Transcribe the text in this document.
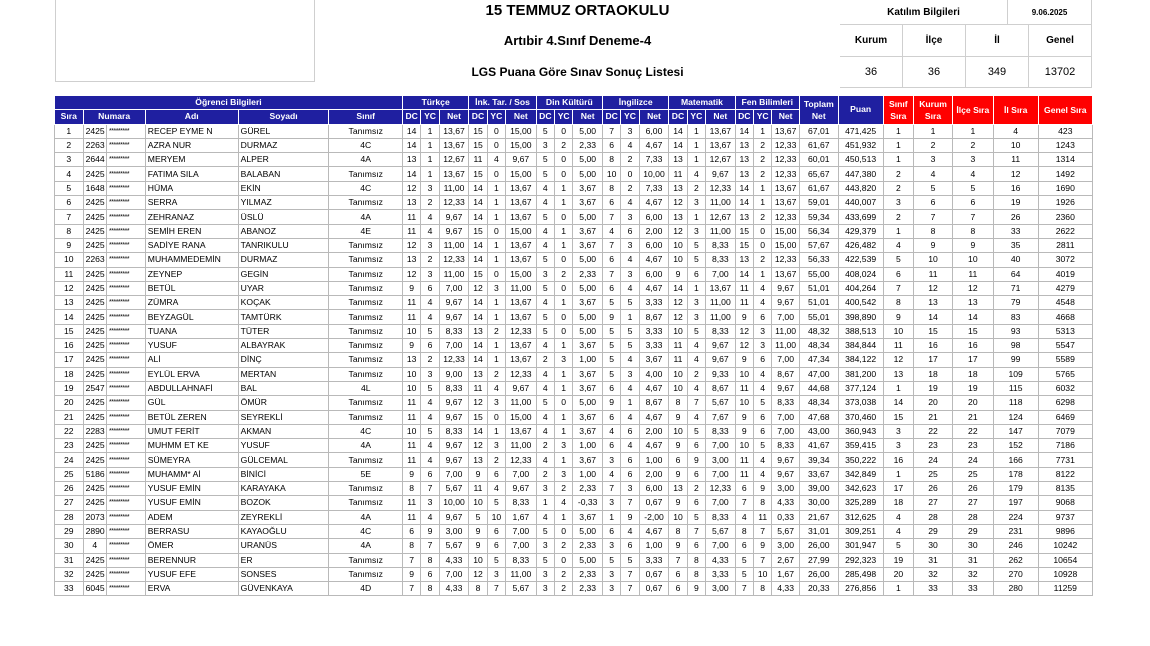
15 TEMMUZ ORTAOKULU
Artıbir 4.Sınıf Deneme-4
LGS Puana Göre Sınav Sonuç Listesi
Katılım Bilgileri	9.06.2025
Kurum	İlçe	İl	Genel
36	36	349	13702
Öğrenci Bilgileri						Türkçe			İnk. Tar. / Sos			Din Kültürü			İngilizce			Matematik			Fen Bilimleri			Toplam Net	Puan	Sınıf Sıra	Kurum Sıra	İlçe Sıra	İl Sıra	Genel Sıra
Sıra	Numara		Adı	Soyadı	Sınıf	DC	YC	Net	DC	YC	Net	DC	YC	Net	DC	YC	Net	DC	YC	Net	DC	YC	Net							
1	2425	*********	RECEP EYME N	GÜREL	Tanımsız	14	1	13,67	15	0	15,00	5	0	5,00	7	3	6,00	14	1	13,67	14	1	13,67	67,01	471,425	1	1	1	4	423
2	2263	*********	AZRA NUR	DURMAZ	4C	14	1	13,67	15	0	15,00	3	2	2,33	6	4	4,67	14	1	13,67	13	2	12,33	61,67	451,932	1	2	2	10	1243
3	2644	*********	MERYEM	ALPER	4A	13	1	12,67	11	4	9,67	5	0	5,00	8	2	7,33	13	1	12,67	13	2	12,33	60,01	450,513	1	3	3	11	1314
4	2425	*********	FATIMA SILA	BALABAN	Tanımsız	14	1	13,67	15	0	15,00	5	0	5,00	10	0	10,00	11	4	9,67	13	2	12,33	65,67	447,380	2	4	4	12	1492
5	1648	*********	HÜMA	EKİN	4C	12	3	11,00	14	1	13,67	4	1	3,67	8	2	7,33	13	2	12,33	14	1	13,67	61,67	443,820	2	5	5	16	1690
6	2425	*********	SERRA	YILMAZ	Tanımsız	13	2	12,33	14	1	13,67	4	1	3,67	6	4	4,67	12	3	11,00	14	1	13,67	59,01	440,007	3	6	6	19	1926
7	2425	*********	ZEHRANAZ	ÜSLÜ	4A	11	4	9,67	14	1	13,67	5	0	5,00	7	3	6,00	13	1	12,67	13	2	12,33	59,34	433,699	2	7	7	26	2360
8	2425	*********	SEMİH EREN	ABANOZ	4E	11	4	9,67	15	0	15,00	4	1	3,67	4	6	2,00	12	3	11,00	15	0	15,00	56,34	429,379	1	8	8	33	2622
9	2425	*********	SADİYE RANA	TANRIKULU	Tanımsız	12	3	11,00	14	1	13,67	4	1	3,67	7	3	6,00	10	5	8,33	15	0	15,00	57,67	426,482	4	9	9	35	2811
10	2263	*********	MUHAMMEDEMİN	DURMAZ	Tanımsız	13	2	12,33	14	1	13,67	5	0	5,00	6	4	4,67	10	5	8,33	13	2	12,33	56,33	422,539	5	10	10	40	3072
11	2425	*********	ZEYNEP	GEGİN	Tanımsız	12	3	11,00	15	0	15,00	3	2	2,33	7	3	6,00	9	6	7,00	14	1	13,67	55,00	408,024	6	11	11	64	4019
12	2425	*********	BETÜL	UYAR	Tanımsız	9	6	7,00	12	3	11,00	5	0	5,00	6	4	4,67	14	1	13,67	11	4	9,67	51,01	404,264	7	12	12	71	4279
13	2425	*********	ZÜMRA	KOÇAK	Tanımsız	11	4	9,67	14	1	13,67	4	1	3,67	5	5	3,33	12	3	11,00	11	4	9,67	51,01	400,542	8	13	13	79	4548
14	2425	*********	BEYZAGÜL	TAMTÜRK	Tanımsız	11	4	9,67	14	1	13,67	5	0	5,00	9	1	8,67	12	3	11,00	9	6	7,00	55,01	398,890	9	14	14	83	4668
15	2425	*********	TUANA	TÜTER	Tanımsız	10	5	8,33	13	2	12,33	5	0	5,00	5	5	3,33	10	5	8,33	12	3	11,00	48,32	388,513	10	15	15	93	5313
16	2425	*********	YUSUF	ALBAYRAK	Tanımsız	9	6	7,00	14	1	13,67	4	1	3,67	5	5	3,33	11	4	9,67	12	3	11,00	48,34	384,844	11	16	16	98	5547
17	2425	*********	ALİ	DİNÇ	Tanımsız	13	2	12,33	14	1	13,67	2	3	1,00	5	4	3,67	11	4	9,67	9	6	7,00	47,34	384,122	12	17	17	99	5589
18	2425	*********	EYLÜL ERVA	MERTAN	Tanımsız	10	3	9,00	13	2	12,33	4	1	3,67	5	3	4,00	10	2	9,33	10	4	8,67	47,00	381,200	13	18	18	109	5765
19	2547	*********	ABDULLAHNAFİ	BAL	4L	10	5	8,33	11	4	9,67	4	1	3,67	6	4	4,67	10	4	8,67	11	4	9,67	44,68	377,124	1	19	19	115	6032
20	2425	*********	GÜL	ÖMÜR	Tanımsız	11	4	9,67	12	3	11,00	5	0	5,00	9	1	8,67	8	7	5,67	10	5	8,33	48,34	373,038	14	20	20	118	6298
21	2425	*********	BETÜL ZEREN	SEYREKLİ	Tanımsız	11	4	9,67	15	0	15,00	4	1	3,67	6	4	4,67	9	4	7,67	9	6	7,00	47,68	370,460	15	21	21	124	6469
22	2283	*********	UMUT FERİT	AKMAN	4C	10	5	8,33	14	1	13,67	4	1	3,67	4	6	2,00	10	5	8,33	9	6	7,00	43,00	360,943	3	22	22	147	7079
23	2425	*********	MUHMM ET KE	YUSUF	4A	11	4	9,67	12	3	11,00	2	3	1,00	6	4	4,67	9	6	7,00	10	5	8,33	41,67	359,415	3	23	23	152	7186
24	2425	*********	SÜMEYRA	GÜLCEMAL	Tanımsız	11	4	9,67	13	2	12,33	4	1	3,67	3	6	1,00	6	9	3,00	11	4	9,67	39,34	350,222	16	24	24	166	7731
25	5186	*********	MUHAMM* Aİ	BİNİCİ	5E	9	6	7,00	9	6	7,00	2	3	1,00	4	6	2,00	9	6	7,00	11	4	9,67	33,67	342,849	1	25	25	178	8122
26	2425	*********	YUSUF EMİN	KARAYAKA	Tanımsız	8	7	5,67	11	4	9,67	3	2	2,33	7	3	6,00	13	2	12,33	6	9	3,00	39,00	342,623	17	26	26	179	8135
27	2425	*********	YUSUF EMİN	BOZOK	Tanımsız	11	3	10,00	10	5	8,33	1	4	-0,33	3	7	0,67	9	6	7,00	7	8	4,33	30,00	325,289	18	27	27	197	9068
28	2073	*********	ADEM	ZEYREKLİ	4A	11	4	9,67	5	10	1,67	4	1	3,67	1	9	-2,00	10	5	8,33	4	11	0,33	21,67	312,625	4	28	28	224	9737
29	2890	*********	BERRASU	KAYAOĞLU	4C	6	9	3,00	9	6	7,00	5	0	5,00	6	4	4,67	8	7	5,67	8	7	5,67	31,01	309,251	4	29	29	231	9896
30	4	*********	ÖMER	URANÜS	4A	8	7	5,67	9	6	7,00	3	2	2,33	3	6	1,00	9	6	7,00	6	9	3,00	26,00	301,947	5	30	30	246	10242
31	2425	*********	BERENNUR	ER	Tanımsız	7	8	4,33	10	5	8,33	5	0	5,00	5	5	3,33	7	8	4,33	5	7	2,67	27,99	292,323	19	31	31	262	10654
32	2425	*********	YUSUF EFE	SONSES	Tanımsız	9	6	7,00	12	3	11,00	3	2	2,33	3	7	0,67	6	8	3,33	5	10	1,67	26,00	285,498	20	32	32	270	10928
33	6045	*********	ERVA	GÜVENKAYA	4D	7	8	4,33	8	7	5,67	3	2	2,33	3	7	0,67	6	9	3,00	7	8	4,33	20,33	276,856	1	33	33	280	11259
